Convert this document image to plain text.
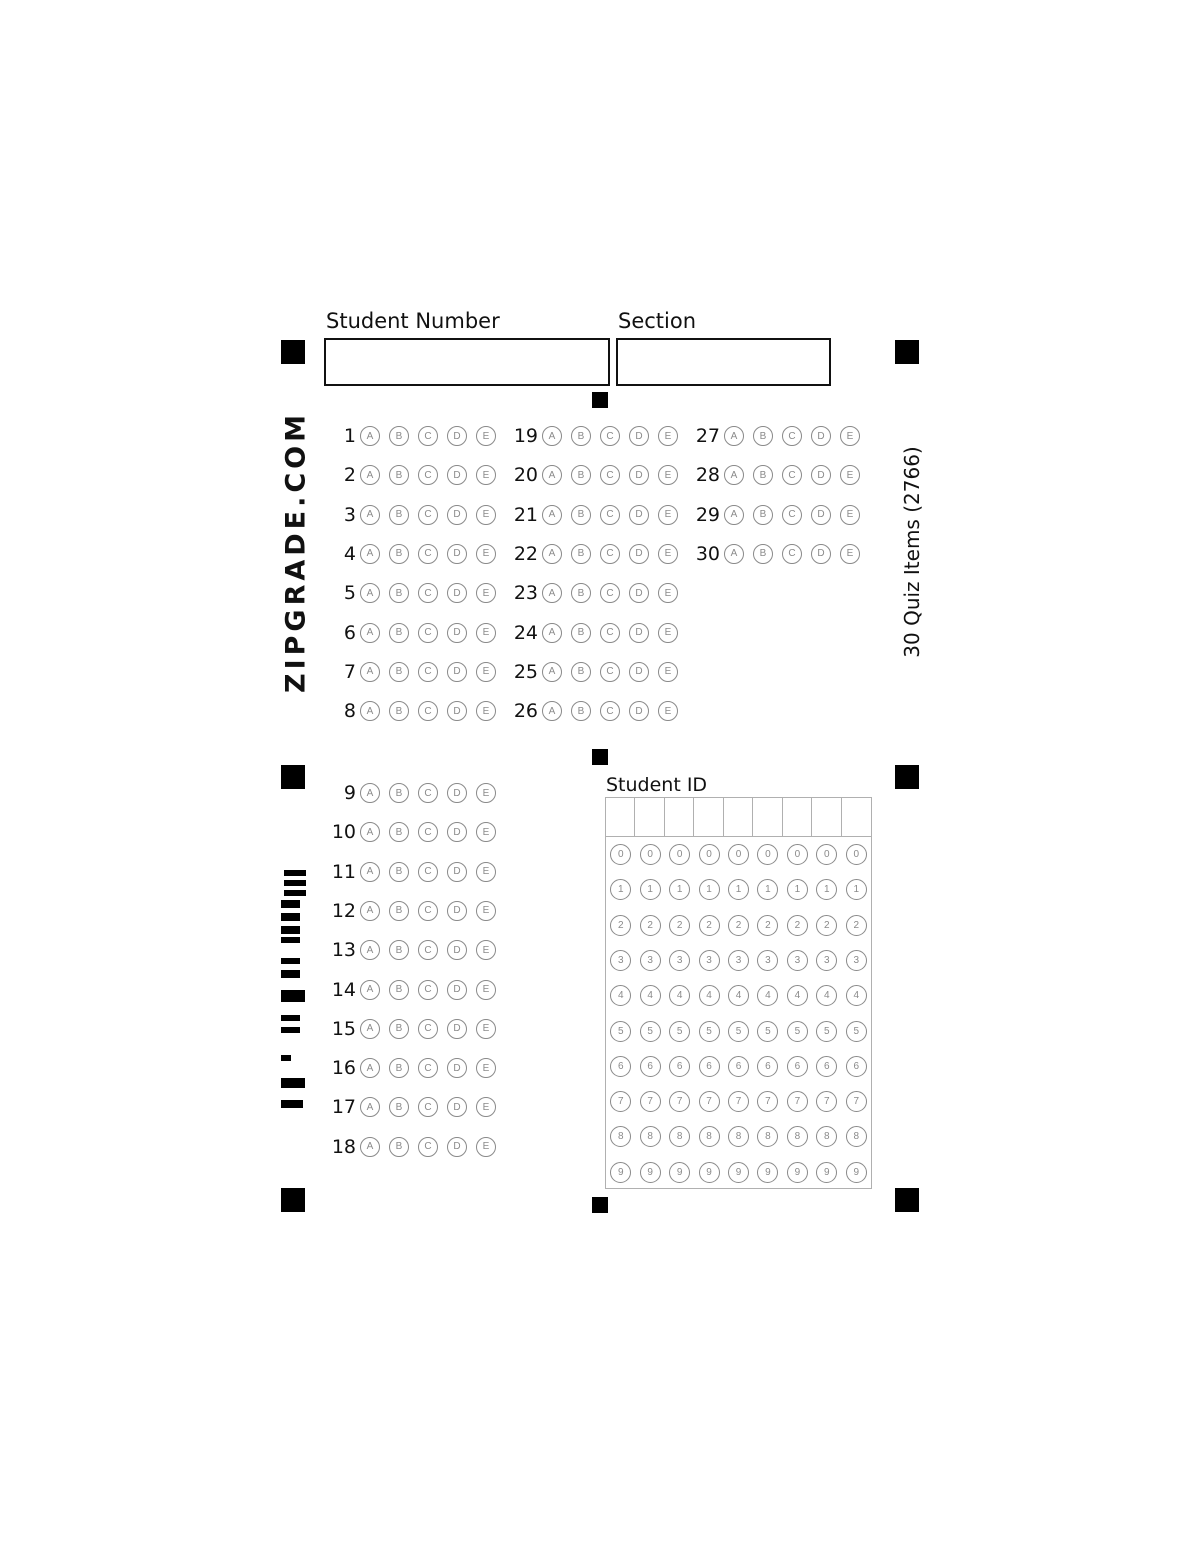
Student Number	Section
ZIPGRADE.COM	30 Quiz Items (2766)
1	A	B	C	D	E
2	A	B	C	D	E
3	A	B	C	D	E
4	A	B	C	D	E
5	A	B	C	D	E
6	A	B	C	D	E
7	A	B	C	D	E
8	A	B	C	D	E
19	A	B	C	D	E
20	A	B	C	D	E
21	A	B	C	D	E
22	A	B	C	D	E
23	A	B	C	D	E
24	A	B	C	D	E
25	A	B	C	D	E
26	A	B	C	D	E
27	A	B	C	D	E
28	A	B	C	D	E
29	A	B	C	D	E
30	A	B	C	D	E
9	A	B	C	D	E
10	A	B	C	D	E
11	A	B	C	D	E
12	A	B	C	D	E
13	A	B	C	D	E
14	A	B	C	D	E
15	A	B	C	D	E
16	A	B	C	D	E
17	A	B	C	D	E
18	A	B	C	D	E
Student ID
0	0	0	0	0	0	0	0	0
1	1	1	1	1	1	1	1	1
2	2	2	2	2	2	2	2	2
3	3	3	3	3	3	3	3	3
4	4	4	4	4	4	4	4	4
5	5	5	5	5	5	5	5	5
6	6	6	6	6	6	6	6	6
7	7	7	7	7	7	7	7	7
8	8	8	8	8	8	8	8	8
9	9	9	9	9	9	9	9	9
